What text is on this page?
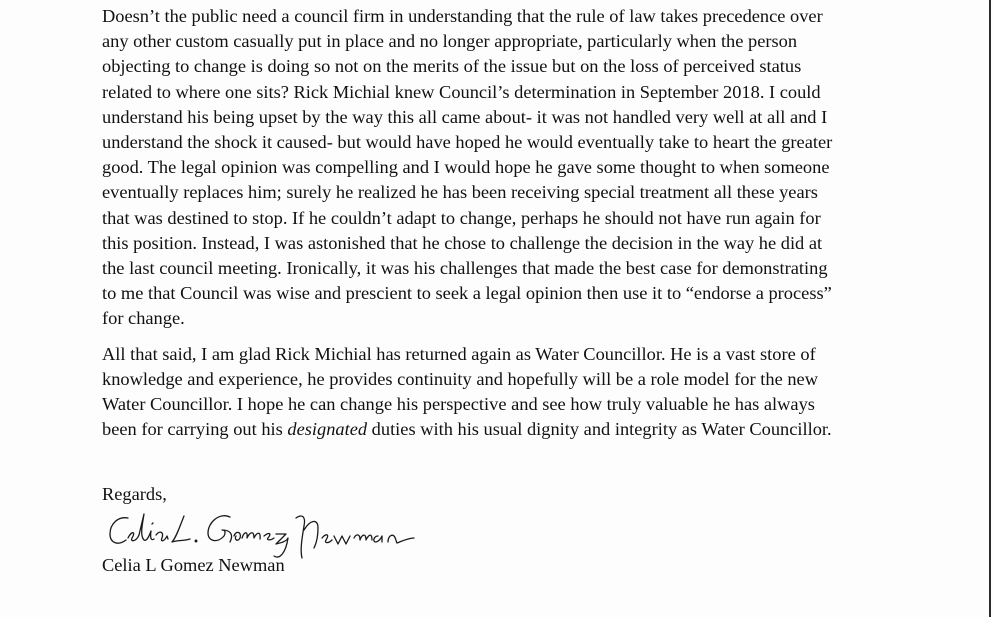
Doesn’t the public need a council firm in understanding that the rule of law takes precedence over
any other custom casually put in place and no longer appropriate, particularly when the person
objecting to change is doing so not on the merits of the issue but on the loss of perceived status
related to where one sits? Rick Michial knew Council’s determination in September 2018. I could
understand his being upset by the way this all came about- it was not handled very well at all and I
understand the shock it caused- but would have hoped he would eventually take to heart the greater
good. The legal opinion was compelling and I would hope he gave some thought to when someone
eventually replaces him; surely he realized he has been receiving special treatment all these years
that was destined to stop. If he couldn’t adapt to change, perhaps he should not have run again for
this position. Instead, I was astonished that he chose to challenge the decision in the way he did at
the last council meeting. Ironically, it was his challenges that made the best case for demonstrating
to me that Council was wise and prescient to seek a legal opinion then use it to “endorse a process”
for change.
All that said, I am glad Rick Michial has returned again as Water Councillor. He is a vast store of
knowledge and experience, he provides continuity and hopefully will be a role model for the new
Water Councillor. I hope he can change his perspective and see how truly valuable he has always
been for carrying out his designated duties with his usual dignity and integrity as Water Councillor.
Regards,
Celia L Gomez Newman
